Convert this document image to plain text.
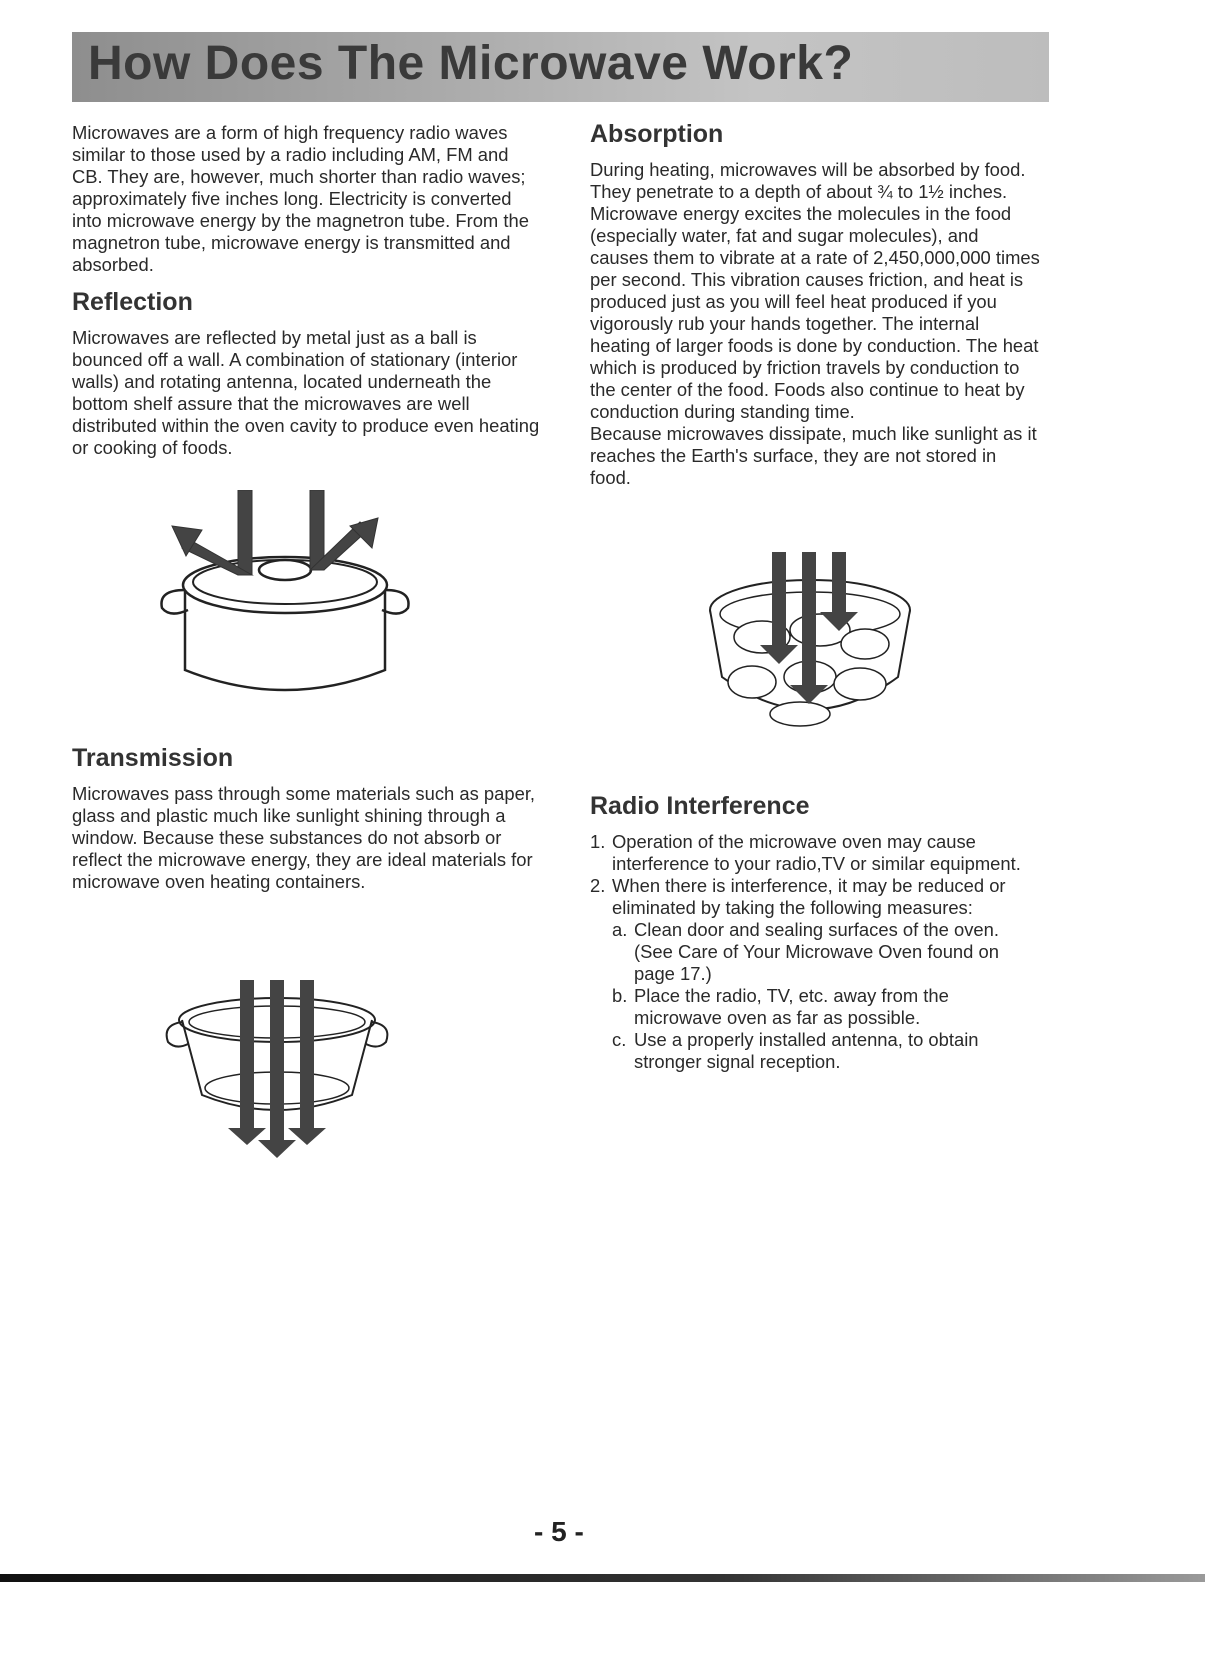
How Does The Microwave Work?

Microwaves are a form of high frequency radio waves similar to those used by a radio including AM, FM and CB. They are, however, much shorter than radio waves; approximately five inches long. Electricity is converted into microwave energy by the magnetron tube. From the magnetron tube, microwave energy is transmitted and absorbed.

Reflection

Microwaves are reflected by metal just as a ball is bounced off a wall. A combination of stationary (interior walls) and rotating antenna, located underneath the bottom shelf assure that the microwaves are well distributed within the oven cavity to produce even heating or cooking of foods.

Transmission

Microwaves pass through some materials such as paper, glass and plastic much like sunlight shining through a window. Because these substances do not absorb or reflect the microwave energy, they are ideal materials for microwave oven heating containers.

Absorption

During heating, microwaves will be absorbed by food. They penetrate to a depth of about ¾ to 1½ inches. Microwave energy excites the molecules in the food (especially water, fat and sugar molecules), and causes them to vibrate at a rate of 2,450,000,000 times per second. This vibration causes friction, and heat is produced just as you will feel heat produced if you vigorously rub your hands together. The internal heating of larger foods is done by conduction. The heat which is produced by friction travels by conduction to the center of the food. Foods also continue to heat by conduction during standing time.

Because microwaves dissipate, much like sunlight as it reaches the Earth's surface, they are not stored in food.

Radio Interference
1. Operation of the microwave oven may cause interference to your radio,TV or similar equipment.
2. When there is interference, it may be reduced or eliminated by taking the following measures:
a. Clean door and sealing surfaces of the oven. (See Care of Your Microwave Oven found on page 17.)
b. Place the radio, TV, etc. away from the microwave oven as far as possible.
c. Use a properly installed antenna, to obtain stronger signal reception.
- 5 -
